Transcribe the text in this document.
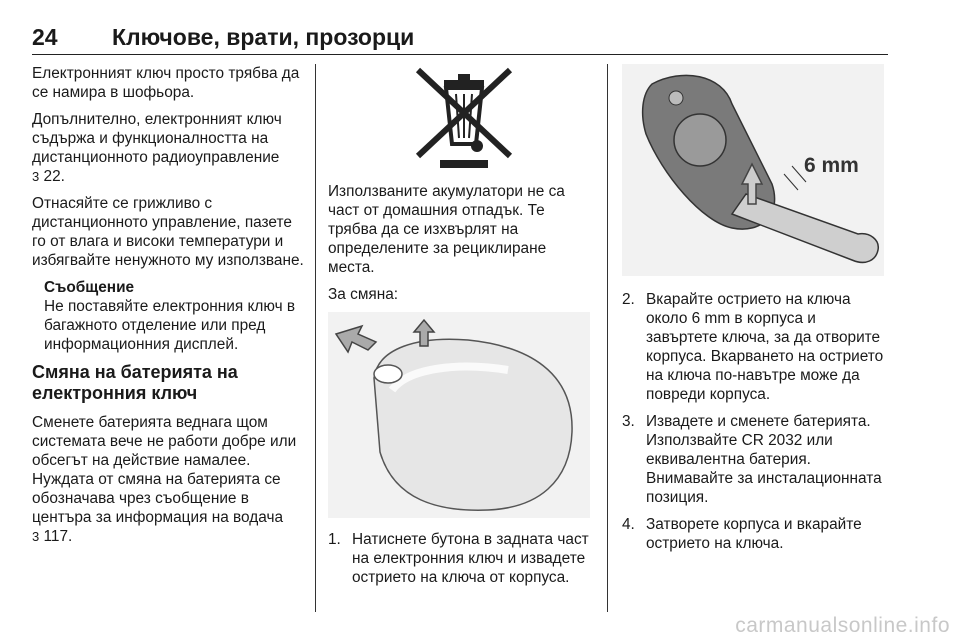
24 Ключове, врати, прозорци

Електронният ключ просто трябва да се намира в шофьора.

Допълнително, електронният ключ съдържа и функционалността на дистанционното радиоуправление
3 22.

Отнасяйте се грижливо с дистанционното управление, пазете го от влага и високи температури и избягвайте ненужното му използване.

Съобщение

Не поставяйте електронния ключ в багажното отделение или пред информационния дисплей.

Смяна на батерията на електронния ключ

Сменете батерията веднага щом системата вече не работи добре или обсегът на действие намалее. Нуждата от смяна на батерията се обозначава чрез съобщение в центъра за информация на водача
3 117.

Използваните акумулатори не са част от домашния отпадък. Те трябва да се изхвърлят на определените за рециклиране места.

За смяна:

1. Натиснете бутона в задната част на електронния ключ и извадете острието на ключа от корпуса.
6 mm
2. Вкарайте острието на ключа около 6 mm в корпуса и завъртете ключа, за да отворите корпуса. Вкарването на острието на ключа по-навътре може да повреди корпуса.
3. Извадете и сменете батерията. Използвайте CR 2032 или еквивалентна батерия. Внимавайте за инсталационната позиция.
4. Затворете корпуса и вкарайте острието на ключа.
carmanualsonline.info
